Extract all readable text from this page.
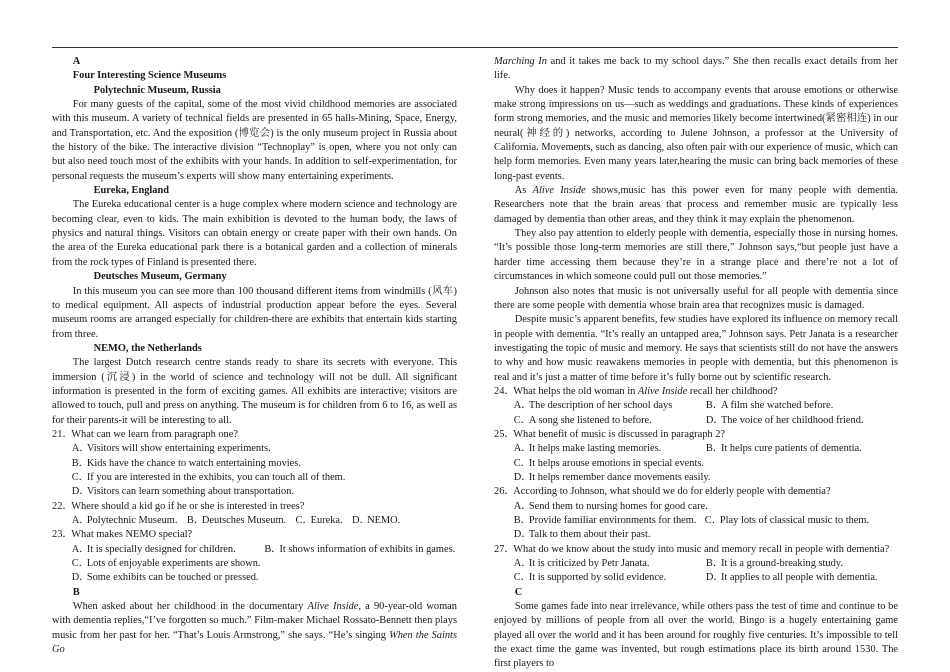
A

Four Interesting Science Museums

Polytechnic Museum, Russia

For many guests of the capital, some of the most vivid childhood memories are associated with this museum. A variety of technical fields are presented in 65 halls-Mining, Space, Energy, and Transportation, etc. And the exposition (博览会) is the only museum project in Russia about the history of the bike. The interactive division “Technoplay” is open, where you not only can but also need touch most of the exhibits with your hands. In addition to self-experimentation, for personal requests the museum’s experts will show many entertaining experiments.

Eureka, England

The Eureka educational center is a huge complex where modern science and technology are becoming clear, even to kids. The main exhibition is devoted to the human body, the laws of physics and natural things. Visitors can obtain energy or create paper with their own hands. On the area of the Eureka educational park there is a botanical garden and a collection of minerals from the rock types of Finland is presented there.

Deutsches Museum, Germany

In this museum you can see more than 100 thousand different items from windmills (风车) to medical equipment. All aspects of industrial production appear before the eyes. Several museum rooms are arranged especially for children-there are exhibits that entertain kids starting from three.

NEMO, the Netherlands

The largest Dutch research centre stands ready to share its secrets with everyone. This immersion (沉浸) in the world of science and technology will not be dull. All significant information is presented in the form of exciting games. All exhibits are interactive; visitors are allowed to touch, pull and press on anything. The museum is for children from 6 to 16, as well as for their parents-it will be interesting to all.

21．What can we learn from paragraph one?
A．Visitors will show entertaining experiments.
B．Kids have the chance to watch entertaining movies.
C．If you are interested in the exhibits, you can touch all of them.
D．Visitors can learn something about transportation.
22．Where should a kid go if he or she is interested in trees?
A．Polytechnic Museum. B．Deutsches Museum. C．Eureka. D．NEMO.
23．What makes NEMO special?
A．It is specially designed for children.	B．It shows information of exhibits in games.
C．Lots of enjoyable experiments are shown.
D．Some exhibits can be touched or pressed.

B

When asked about her childhood in the documentary Alive Inside, a 90-year-old woman with dementia replies,“I’ve forgotten so much.” Film-maker Michael Rossato-Bennett then plays music from her past for her. “That’s Louis Armstrong,” she says. “He’s singing When the Saints Go

Marching In and it takes me back to my school days.” She then recalls exact details from her life.

Why does it happen? Music tends to accompany events that arouse emotions or otherwise make strong impressions on us—such as weddings and graduations. These kinds of experiences form strong memories, and the music and memories likely become intertwined(紧密相连) in our neural(神经的) networks, according to Julene Johnson, a professor at the University of California. Movements, such as dancing, also often pair with our experience of music, which can help form memories. Even many years later,hearing the music can bring back memories of these long-past events.

As Alive Inside shows,music has this power even for many people with dementia. Researchers note that the brain areas that process and remember music are typically less damaged by dementia than other areas, and they think it may explain the phenomenon.

They also pay attention to elderly people with dementia, especially those in nursing homes. “It’s possible those long-term memories are still there,” Johnson says,“but people just have a harder time accessing them because they’re in a strange place and there’re not a lot of circumstances in which someone could pull out those memories.”

Johnson also notes that music is not universally useful for all people with dementia since there are some people with dementia whose brain area that recognizes music is damaged.

Despite music’s apparent benefits, few studies have explored its influence on memory recall in people with dementia. “It’s really an untapped area,” Johnson says. Petr Janata is a researcher investigating the topic of music and memory. He says that scientists still do not have the answers to why and how music reawakens memories in people with dementia, but this phenomenon is real and it’s just a matter of time before it’s fully borne out by scientific research.

24．What helps the old woman in Alive Inside recall her childhood?
A．The description of her school days	B．A film she watched before.
C．A song she listened to before.	D．The voice of her childhood friend.
25．What benefit of music is discussed in paragraph 2?
A．It helps make lasting memories.	B．It helps cure patients of dementia.
C．It helps arouse emotions in special events.
D．It helps remember dance movements easily.
26．According to Johnson, what should we do for elderly people with dementia?
A．Send them to nursing homes for good care.
B．Provide familiar environments for them. C．Play lots of classical music to them.
D．Talk to them about their past.
27．What do we know about the study into music and memory recall in people with dementia?
A．It is criticized by Petr Janata.	B．It is a ground-breaking study.
C．It is supported by solid evidence.	D．It applies to all people with dementia.

C

Some games fade into near irrelevance, while others pass the test of time and continue to be enjoyed by millions of people from all over the world. Bingo is a hugely entertaining game played all over the world and it has been around for roughly five centuries. It’s impossible to tell the exact time the game was invented, but rough estimations place its birth around 1530. The first players to
